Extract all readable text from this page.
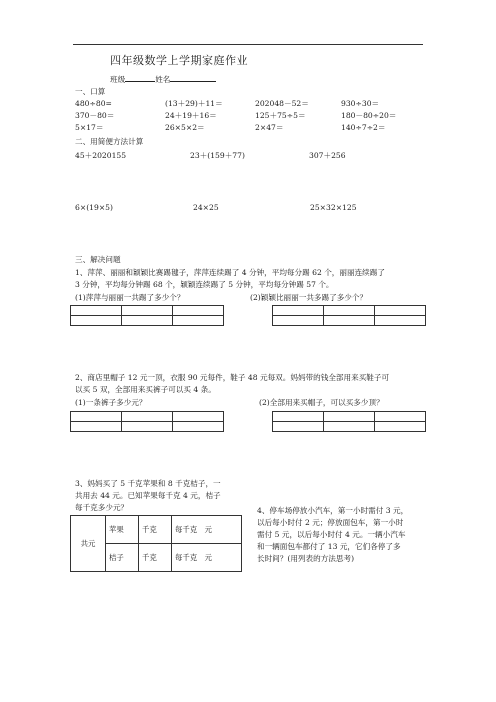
四年级数学上学期家庭作业
班级	姓名
一、口算
480÷80=	(13＋29)＋11＝	202048－52＝	930÷30＝
370－80＝	24＋19＋16＝	125＋75÷5＝	180－80÷20＝
5×17＝	26×5×2＝	2×47＝	140÷7÷2＝
二、用简便方法计算
45＋2020155	23＋(159＋77)	307＋256
6×(19×5)	24×25	25×32×125
三、解决问题
1、萍萍、丽丽和颖颖比赛踢毽子，萍萍连续踢了 4 分钟，平均每分踢 62 个，丽丽连续踢了
3 分钟，平均每分钟踢 68 个，颖颖连续踢了 5 分钟，平均每分钟踢 57 个。
(1)萍萍与丽丽一共踢了多少个？	(2)颖颖比丽丽一共多踢了多少个？

2、商店里帽子 12 元一顶，衣服 90 元每件，鞋子 48 元每双。妈妈带的钱全部用来买鞋子可
以买 5 双，全部用来买裤子可以买 4 条。
(1)一条裤子多少元？	(2)全部用来买帽子，可以买多少顶？

3、妈妈买了 5 千克苹果和 8 千克桔子，一
共用去 44 元。已知苹果每千克 4 元，桔子
每千克多少元？
共元	苹果	千克	每千克　元
	桔子	千克	每千克　元
4、停车场停放小汽车，第一小时需付 3 元，
以后每小时付 2 元；停放面包车，第一小时
需付 5 元，以后每小时付 4 元。一辆小汽车
和一辆面包车都付了 13 元，它们各停了多
长时间？(用列表的方法思考)
